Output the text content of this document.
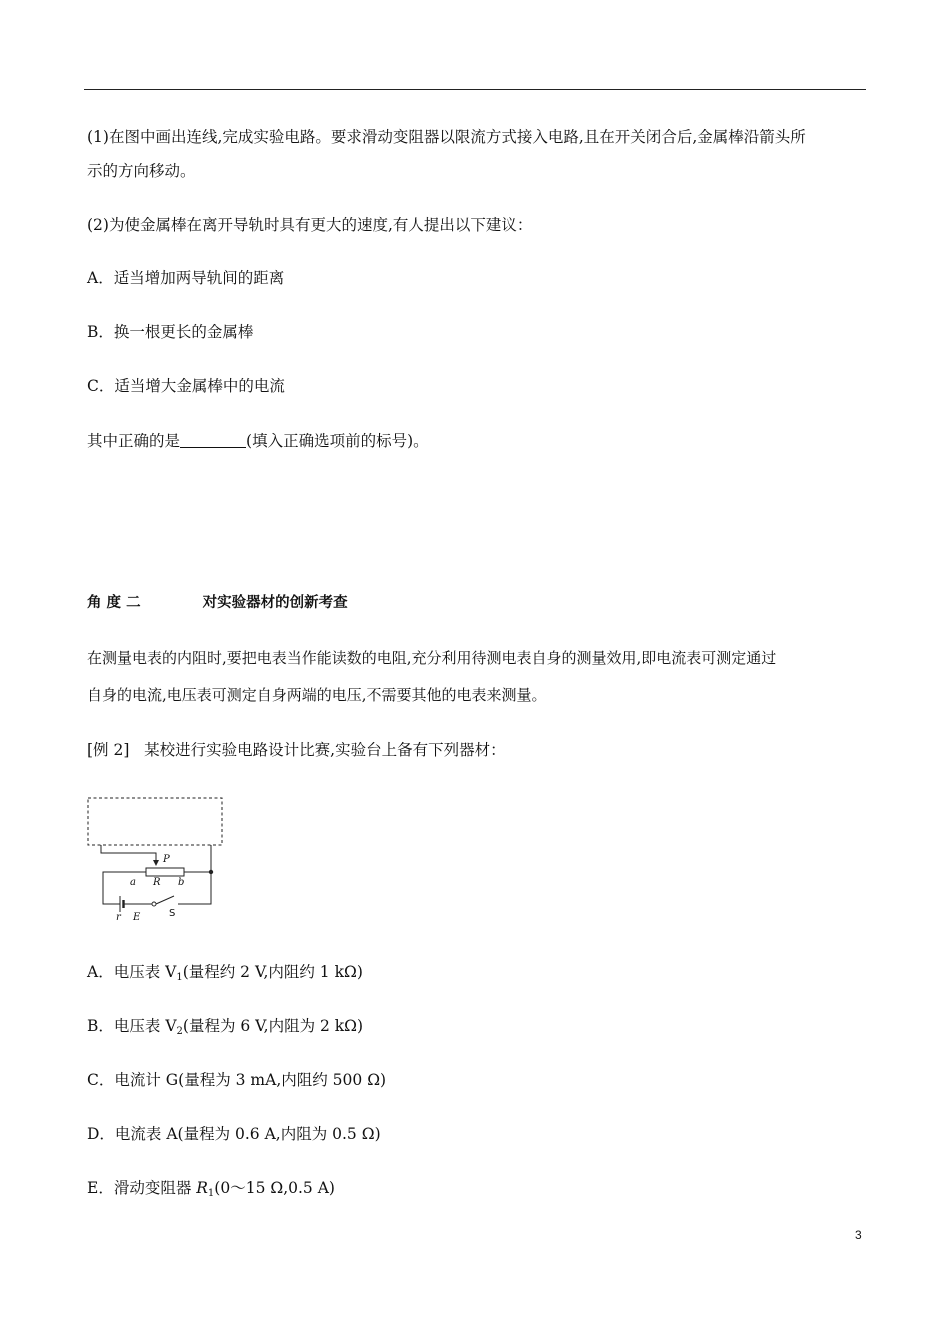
(1)在图中画出连线,完成实验电路。要求滑动变阻器以限流方式接入电路,且在开关闭合后,金属棒沿箭头所
示的方向移动。
(2)为使金属棒在离开导轨时具有更大的速度,有人提出以下建议：
A．适当增加两导轨间的距离
B．换一根更长的金属棒
C．适当增大金属棒中的电流
其中正确的是	(填入正确选项前的标号)。
角 度 二	对实验器材的创新考查
在测量电表的内阻时,要把电表当作能读数的电阻,充分利用待测电表自身的测量效用,即电流表可测定通过
自身的电流,电压表可测定自身两端的电压,不需要其他的电表来测量。
[例 2] 某校进行实验电路设计比赛,实验台上备有下列器材：
P
a R b
r E	S
A．电压表 $V_1$(量程约 2 V,内阻约 1 kΩ)
B．电压表 $V_2$(量程为 6 V,内阻为 2 kΩ)
C．电流计 G(量程为 3 mA,内阻约 500 Ω)
D．电流表 A(量程为 0.6 A,内阻为 0.5 Ω)
E．滑动变阻器 $R_1(0\sim 15$ Ω,0.5 A)
3
